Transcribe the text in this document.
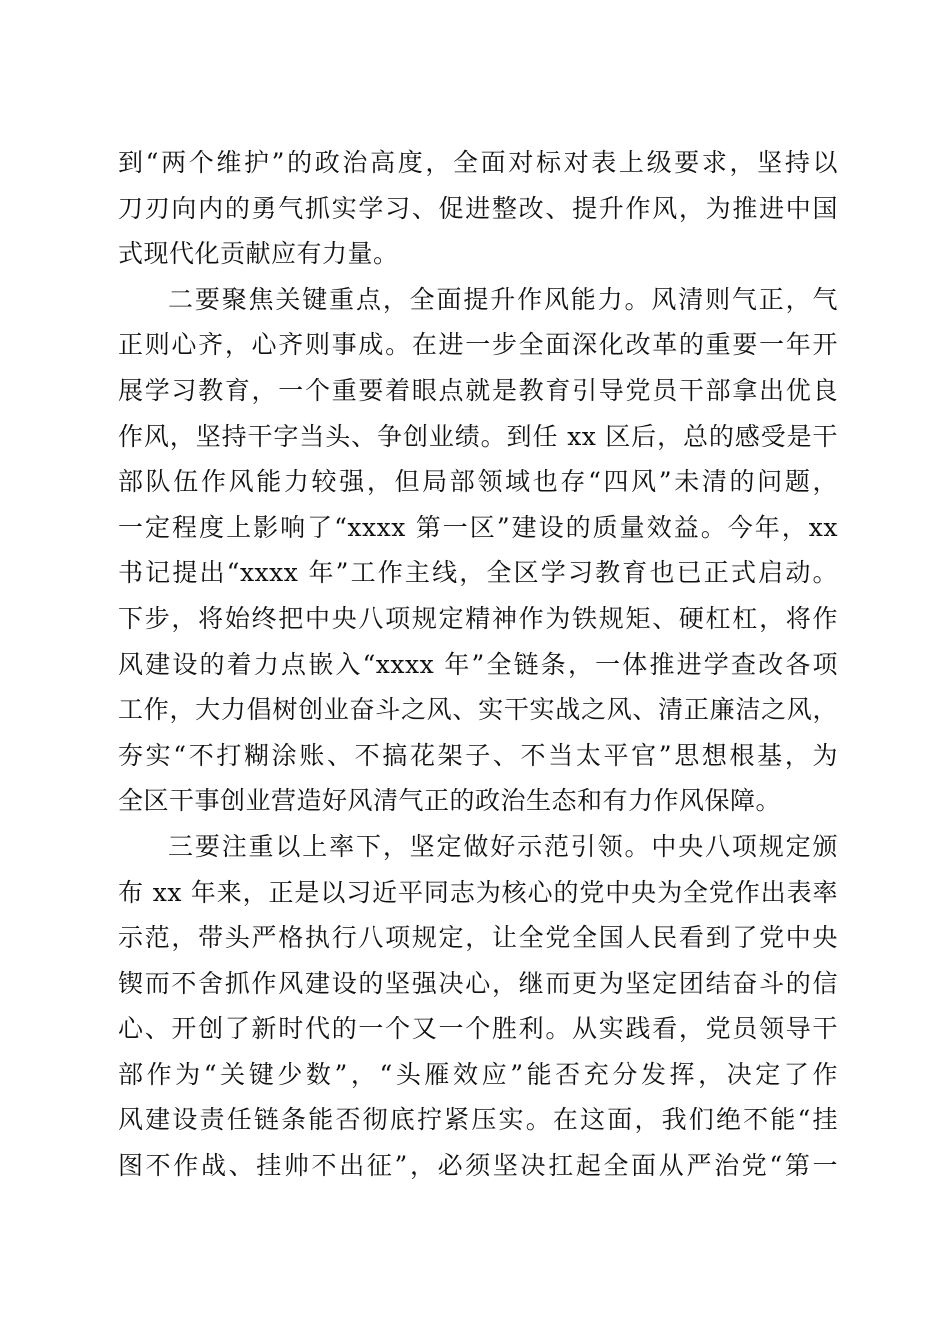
到“两个维护”的政治高度，全面对标对表上级要求，坚持以
刀刃向内的勇气抓实学习、促进整改、提升作风，为推进中国
式现代化贡献应有力量。
二要聚焦关键重点，全面提升作风能力。风清则气正，气
正则心齐，心齐则事成。在进一步全面深化改革的重要一年开
展学习教育，一个重要着眼点就是教育引导党员干部拿出优良
作风，坚持干字当头、争创业绩。到任 xx 区后，总的感受是干
部队伍作风能力较强，但局部领域也存“四风”未清的问题，
一定程度上影响了“xxxx 第一区”建设的质量效益。今年，xx
书记提出“xxxx 年”工作主线，全区学习教育也已正式启动。
下步，将始终把中央八项规定精神作为铁规矩、硬杠杠，将作
风建设的着力点嵌入“xxxx 年”全链条，一体推进学查改各项
工作，大力倡树创业奋斗之风、实干实战之风、清正廉洁之风，
夯实“不打糊涂账、不搞花架子、不当太平官”思想根基，为
全区干事创业营造好风清气正的政治生态和有力作风保障。
三要注重以上率下，坚定做好示范引领。中央八项规定颁
布 xx 年来，正是以习近平同志为核心的党中央为全党作出表率
示范，带头严格执行八项规定，让全党全国人民看到了党中央
锲而不舍抓作风建设的坚强决心，继而更为坚定团结奋斗的信
心、开创了新时代的一个又一个胜利。从实践看，党员领导干
部作为“关键少数”，“头雁效应”能否充分发挥，决定了作
风建设责任链条能否彻底拧紧压实。在这面，我们绝不能“挂
图不作战、挂帅不出征”，必须坚决扛起全面从严治党“第一
